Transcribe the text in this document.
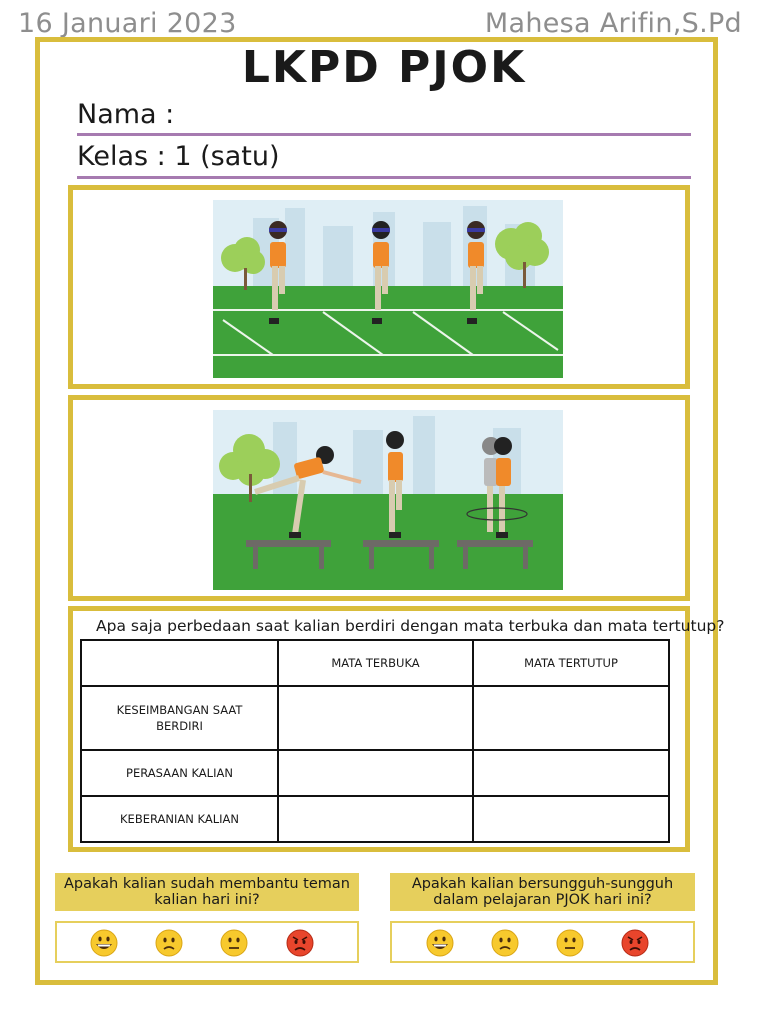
16 Januari 2023	Mahesa Arifin,S.Pd
LKPD PJOK
Nama :
Kelas : 1 (satu)
Apa saja perbedaan saat kalian berdiri dengan mata terbuka dan mata tertutup?
	MATA TERBUKA	MATA TERTUTUP
KESEIMBANGAN SAAT BERDIRI		
PERASAAN KALIAN		
KEBERANIAN KALIAN		
Apakah kalian sudah membantu teman kalian hari ini?
Apakah kalian bersungguh-sungguh dalam pelajaran PJOK hari ini?
